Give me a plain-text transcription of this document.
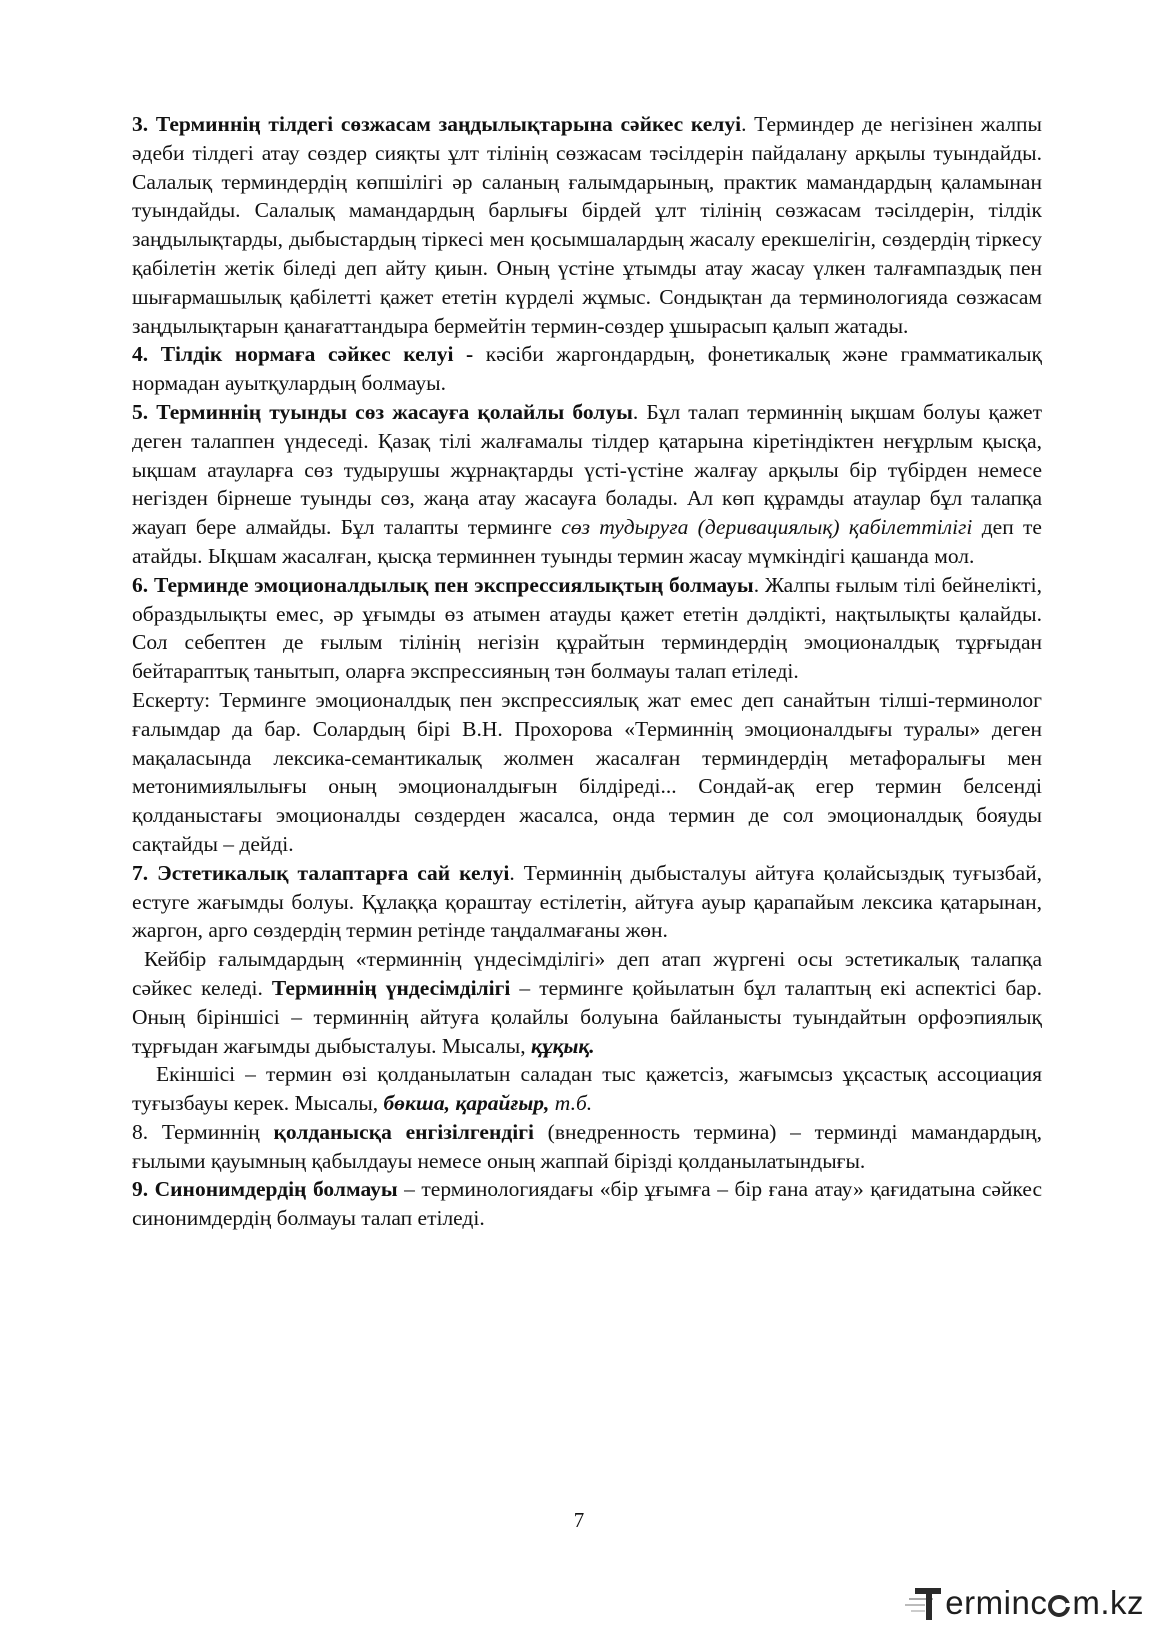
3. Терминнің тілдегі сөзжасам заңдылықтарына сәйкес келуі. Терминдер де негізінен жалпы әдеби тілдегі атау сөздер сияқты ұлт тілінің сөзжасам тәсілдерін пайдалану арқылы туындайды. Салалық терминдердің көпшілігі әр саланың ғалымдарының, практик мамандардың қаламынан туындайды. Салалық мамандардың барлығы бірдей ұлт тілінің сөзжасам тәсілдерін, тілдік заңдылықтарды, дыбыстардың тіркесі мен қосымшалардың жасалу ерекшелігін, сөздердің тіркесу қабілетін жетік біледі деп айту қиын. Оның үстіне ұтымды атау жасау үлкен талғампаздық пен шығармашылық қабілетті қажет ететін күрделі жұмыс. Сондықтан да терминологияда сөзжасам заңдылықтарын қанағаттандыра бермейтін термин-сөздер ұшырасып қалып жатады.

4. Тілдік нормаға сәйкес келуі - кәсіби жаргондардың, фонетикалық және грамматикалық нормадан ауытқулардың болмауы.

5. Терминнің туынды сөз жасауға қолайлы болуы. Бұл талап терминнің ықшам болуы қажет деген талаппен үндеседі. Қазақ тілі жалғамалы тілдер қатарына кіретіндіктен неғұрлым қысқа, ықшам атауларға сөз тудырушы жұрнақтарды үсті-үстіне жалғау арқылы бір түбірден немесе негізден бірнеше туынды сөз, жаңа атау жасауға болады. Ал көп құрамды атаулар бұл талапқа жауап бере алмайды. Бұл талапты терминге сөз тудыруға (деривациялық) қабілеттілігі деп те атайды. Ықшам жасалған, қысқа терминнен туынды термин жасау мүмкіндігі қашанда мол.

6. Терминде эмоционалдылық пен экспрессиялықтың болмауы. Жалпы ғылым тілі бейнелікті, образдылықты емес, әр ұғымды өз атымен атауды қажет ететін дәлдікті, нақтылықты қалайды. Сол себептен де ғылым тілінің негізін құрайтын терминдердің эмоционалдық тұрғыдан бейтараптық танытып, оларға экспрессияның тән болмауы талап етіледі.

Ескерту: Терминге эмоционалдық пен экспрессиялық жат емес деп санайтын тілші-терминолог ғалымдар да бар. Солардың бірі В.Н. Прохорова «Терминнің эмоционалдығы туралы» деген мақаласында лексика-семантикалық жолмен жасалған терминдердің метафоралығы мен метонимиялылығы оның эмоционалдығын білдіреді... Сондай-ақ егер термин белсенді қолданыстағы эмоционалды сөздерден жасалса, онда термин де сол эмоционалдық бояуды сақтайды – дейді.

7. Эстетикалық талаптарға сай келуі. Терминнің дыбысталуы айтуға қолайсыздық туғызбай, естуге жағымды болуы. Құлаққа қораштау естілетін, айтуға ауыр қарапайым лексика қатарынан, жаргон, арго сөздердің термин ретінде таңдалмағаны жөн.

Кейбір ғалымдардың «терминнің үндесімділігі» деп атап жүргені осы эстетикалық талапқа сәйкес келеді. Терминнің үндесімділігі – терминге қойылатын бұл талаптың екі аспектісі бар. Оның біріншісі – терминнің айтуға қолайлы болуына байланысты туындайтын орфоэпиялық тұрғыдан жағымды дыбысталуы. Мысалы, құқық.

Екіншісі – термин өзі қолданылатын саладан тыс қажетсіз, жағымсыз ұқсастық ассоциация туғызбауы керек. Мысалы, бөкша, қарайғыр, т.б.

8. Терминнің қолданысқа енгізілгендігі (внедренность термина) – терминді мамандардың, ғылыми қауымның қабылдауы немесе оның жаппай бірізді қолданылатындығы.

9. Синонимдердің болмауы – терминологиядағы «бір ұғымға – бір ғана атау» қағидатына сәйкес синонимдердің болмауы талап етіледі.

7
erminc m.kz
